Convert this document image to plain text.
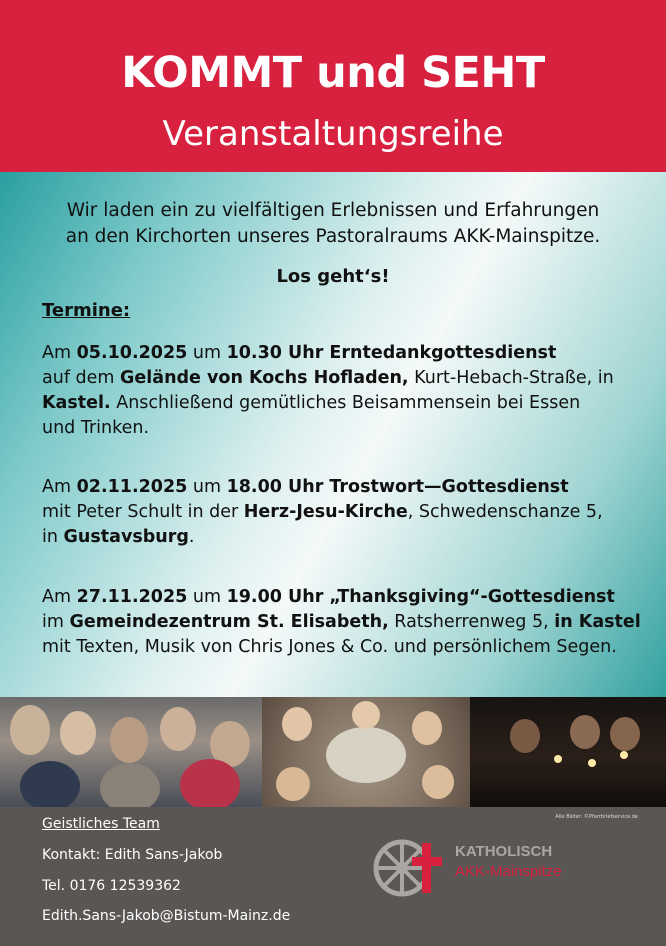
KOMMT und SEHT
Veranstaltungsreihe
Wir laden ein zu vielfältigen Erlebnissen und Erfahrungen
an den Kirchorten unseres Pastoralraums AKK-Mainspitze.
Los geht‘s!
Termine:
Am 05.10.2025 um 10.30 Uhr Erntedankgottesdienst
auf dem Gelände von Kochs Hofladen, Kurt-Hebach-Straße, in
Kastel. Anschließend gemütliches Beisammensein bei Essen
und Trinken.
Am 02.11.2025 um 18.00 Uhr Trostwort—Gottesdienst
mit Peter Schult in der Herz-Jesu-Kirche, Schwedenschanze 5,
in Gustavsburg.
Am 27.11.2025 um 19.00 Uhr „Thanksgiving“-Gottesdienst
im Gemeindezentrum St. Elisabeth, Ratsherrenweg 5, in Kastel
mit Texten, Musik von Chris Jones & Co. und persönlichem Segen.
Geistliches Team
Kontakt: Edith Sans-Jakob
Tel. 0176 12539362
Edith.Sans-Jakob@Bistum-Mainz.de
KATHOLISCH
AKK-Mainspitze
Alle Bilder: ©Pfarrbriefservice.de
